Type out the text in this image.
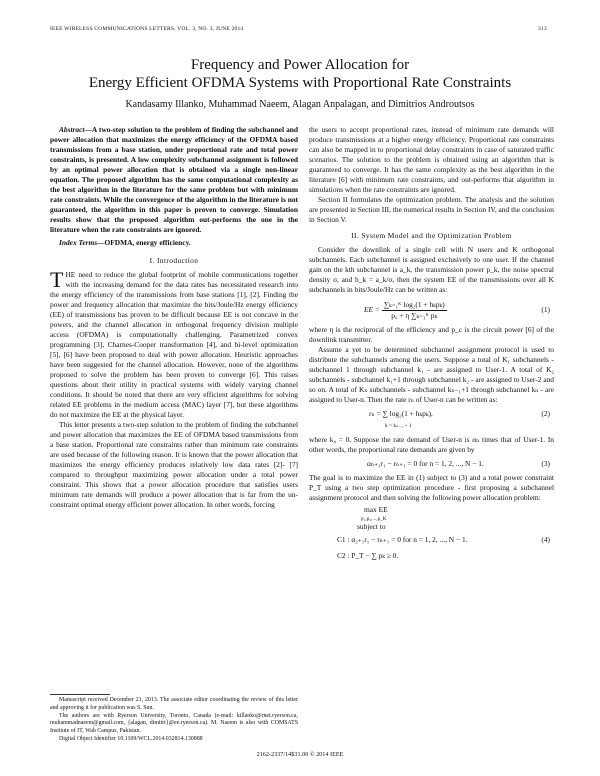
IEEE WIRELESS COMMUNICATIONS LETTERS, VOL. 3, NO. 3, JUNE 2014	313
Frequency and Power Allocation for
Energy Efficient OFDMA Systems with Proportional Rate Constraints
Kandasamy Illanko, Muhammad Naeem, Alagan Anpalagan, and Dimitrios Androutsos

Abstract—A two-step solution to the problem of finding the subchannel and power allocation that maximizes the energy efficiency of the OFDMA based transmissions from a base station, under proportional rate and total power constraints, is presented. A low complexity subchannel assignment is followed by an optimal power allocation that is obtained via a single non-linear equation. The proposed algorithm has the same computational complexity as the best algorithm in the literature for the same problem but with minimum rate constraints. While the convergence of the algorithm in the literature is not guaranteed, the algorithm in this paper is proven to converge. Simulation results show that the proposed algorithm out-performs the one in the literature when the rate constraints are ignored.

Index Terms—OFDMA, energy efficiency.

I. Introduction

THE need to reduce the global footprint of mobile communications together with the increasing demand for the data rates has necessitated research into the energy efficiency of the transmissions from base stations [1], [2]. Finding the power and frequency allocation that maximize the bits/Joule/Hz energy efficiency (EE) of transmissions has proven to be difficult because EE is not concave in the powers, and the channel allocation in orthogonal frequency division multiple access (OFDMA) is computationally challenging. Parametrized convex programming [3], Charnes-Cooper transformation [4], and bi-level optimization [5], [6] have been proposed to deal with power allocation. Heuristic approaches have been suggested for the channel allocation. However, none of the algorithms proposed to solve the problem has been proven to converge [6]. This raises questions about their utility in practical systems with widely varying channel conditions. It should be noted that there are very efficient algorithms for solving related EE problems in the medium access (MAC) layer [7], but these algorithms do not maximize the EE at the physical layer.

This letter presents a two-step solution to the problem of finding the subchannel and power allocation that maximizes the EE of OFDMA based transmissions from a base station. Proportional rate constraints rather than minimum rate constraints are used because of the following reason. It is known that the power allocation that maximizes the energy efficiency produces relatively low data rates [2]- [7] compared to throughput maximizing power allocation under a total power constraint. This shows that a power allocation procedure that satisfies users minimum rate demands will produce a power allocation that is far from the un-constraint optimal energy efficient power allocation. In other words, forcing

Manuscript received December 21, 2013. The associate editor coordinating the review of this letter and approving it for publication was S. Sun.

The authors are with Ryerson University, Toronto, Canada (e-mail: killanko@rnet.ryerson.ca, muhammadnaeem@gmail.com, {alagan, dimitri}@ee.ryerson.ca). M. Naeem is also with COMSATS Institute of IT, Wah Campus, Pakistan.

Digital Object Identifier 10.1109/WCL.2014.032814.130888

the users to accept proportional rates, instead of minimum rate demands will produce transmissions at a higher energy efficiency. Proportional rate constraints can also be mapped in to proportional delay constraints in case of saturated traffic scenarios. The solution to the problem is obtained using an algorithm that is guaranteed to converge. It has the same complexity as the best algorithm in the literature [6] with minimum rate constraints, and out-performs that algorithm in simulations when the rate constraints are ignored.

Section II formulates the optimization problem. The analysis and the solution are presented in Section III, the numerical results in Section IV, and the conclusion in Section V.

II. System Model and the Optimization Problem

Consider the downlink of a single cell with N users and K orthogonal subchannels. Each subchannel is assigned exclusively to one user. If the channel gain on the kth subchannel is a_k, the transmission power p_k, the noise spectral density σ, and h_k = a_k/σ, then the system EE of the transmissions over all K subchannels in bits/Joule/Hz can be written as:

EE = $\frac{\text{∑ₖ₌₁ᴷ log₂(1 + hₖpₖ)}}{\text{p꜀ + η ∑ₖ₌₁ᴷ pₖ}}$	(1)

where η is the reciprocal of the efficiency and p_c is the circuit power [6] of the downlink transmitter.

Assume a yet to be determined subchannel assignment protocol is used to distribute the subchannels among the users. Suppose a total of K₁ subchannels - subchannel 1 through subchannel k₁ - are assigned to User-1. A total of K₂ subchannels - subchannel k₁+1 through subchannel k₂ - are assigned to User-2 and so on. A total of Kₙ subchannels - subchannel kₙ₋₁+1 through subchannel kₙ - are assigned to User-n. Then the rate rₙ of User-n can be written as:

rₙ = ∑ log₂(1 + hₖpₖ),
k = kₙ₋₁ + 1
(2)

where k₀ = 0. Suppose the rate demand of User-n is αₙ times that of User-1. In other words, the proportional rate demands are given by

αₙ₊₁r₁ − rₙ₊₁ = 0 for n = 1, 2, ..., N − 1.	(3)

The goal is to maximize the EE in (1) subject to (3) and a total power constraint P_T using a two step optimization procedure - first proposing a subchannel assignment protocol and then solving the following power allocation problem:

max EE
p₁,p₂,...,p_K
subject to
C1 : α₂₊₁r₁ − rₙ₊₁ = 0 for n = 1, 2, ..., N − 1.	(4)
C2 : P_T − ∑ pₖ ≥ 0.
2162-2337/14$31.00 © 2014 IEEE
